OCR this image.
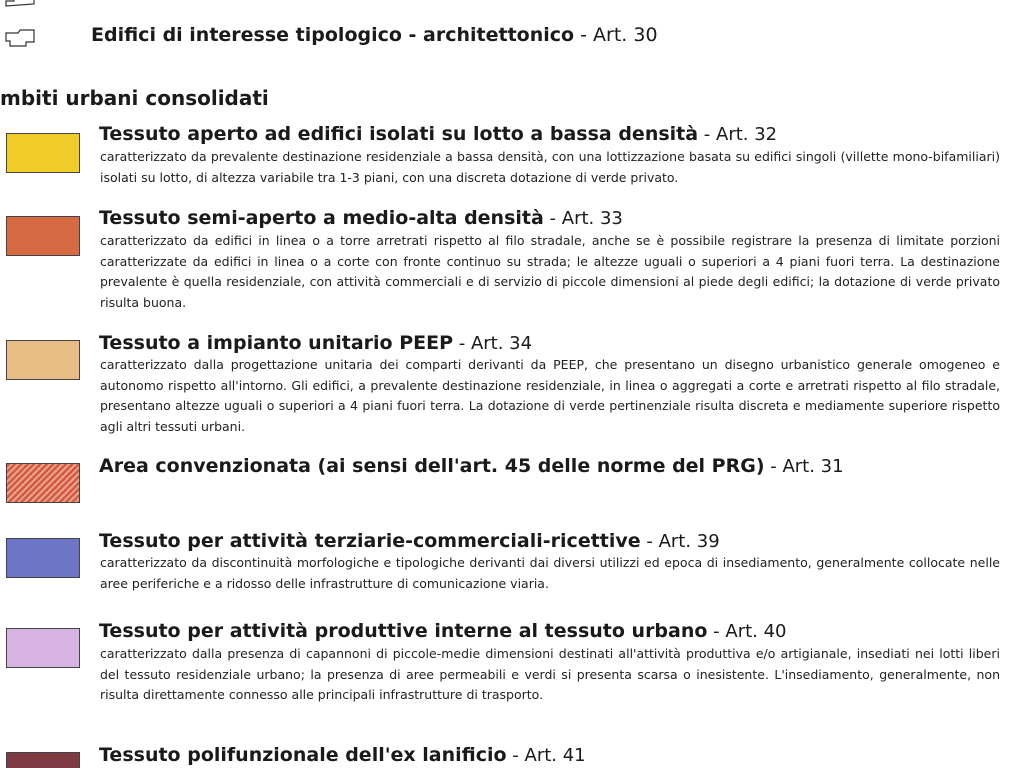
Edifici di interesse tipologico - architettonico - Art. 30
mbiti urbani consolidati
Tessuto aperto ad edifici isolati su lotto a bassa densità - Art. 32
caratterizzato da prevalente destinazione residenziale a bassa densità, con una lottizzazione basata su edifici singoli (villette mono-bifamiliari) isolati su lotto, di altezza variabile tra 1-3 piani, con una discreta dotazione di verde privato.
Tessuto semi-aperto a medio-alta densità - Art. 33
caratterizzato da edifici in linea o a torre arretrati rispetto al filo stradale, anche se è possibile registrare la presenza di limitate porzioni caratterizzate da edifici in linea o a corte con fronte continuo su strada; le altezze uguali o superiori a 4 piani fuori terra. La destinazione prevalente è quella residenziale, con attività commerciali e di servizio di piccole dimensioni al piede degli edifici; la dotazione di verde privato risulta buona.
Tessuto a impianto unitario PEEP - Art. 34
caratterizzato dalla progettazione unitaria dei comparti derivanti da PEEP, che presentano un disegno urbanistico generale omogeneo e autonomo rispetto all'intorno. Gli edifici, a prevalente destinazione residenziale, in linea o aggregati a corte e arretrati rispetto al filo stradale, presentano altezze uguali o superiori a 4 piani fuori terra. La dotazione di verde pertinenziale risulta discreta e mediamente superiore rispetto agli altri tessuti urbani.
Area convenzionata (ai sensi dell'art. 45 delle norme del PRG) - Art. 31
Tessuto per attività terziarie-commerciali-ricettive - Art. 39
caratterizzato da discontinuità morfologiche e tipologiche derivanti dai diversi utilizzi ed epoca di insediamento, generalmente collocate nelle aree periferiche e a ridosso delle infrastrutture di comunicazione viaria.
Tessuto per attività produttive interne al tessuto urbano - Art. 40
caratterizzato dalla presenza di capannoni di piccole-medie dimensioni destinati all'attività produttiva e/o artigianale, insediati nei lotti liberi del tessuto residenziale urbano; la presenza di aree permeabili e verdi si presenta scarsa o inesistente. L'insediamento, generalmente, non risulta direttamente connesso alle principali infrastrutture di trasporto.
Tessuto polifunzionale dell'ex lanificio - Art. 41
